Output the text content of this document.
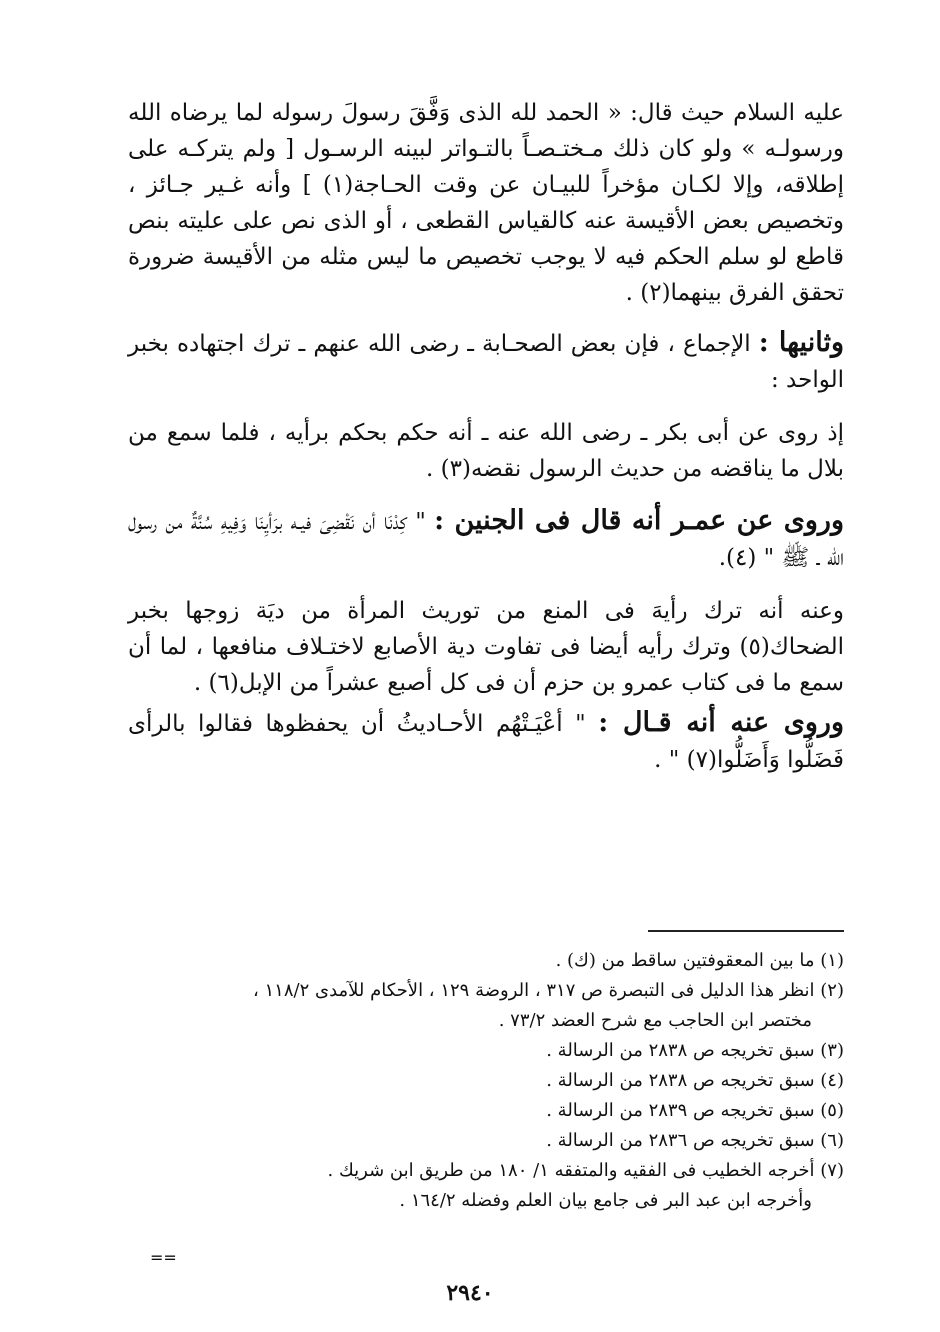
عليه السلام حيث قال: « الحمد لله الذى وَفَّقَ رسولَ رسوله لما يرضاه الله ورسولـه » ولو كان ذلك مـختـصـاً بالتـواتر لبينه الرسـول [ ولم يتركـه على إطلاقه، وإلا لكـان مؤخراً للبيـان عن وقت الحـاجة(١) ] وأنه غـير جـائز ، وتخصيص بعض الأقيسة عنه كالقياس القطعى ، أو الذى نص على عليته بنص قاطع لو سلم الحكم فيه لا يوجب تخصيص ما ليس مثله من الأقيسة ضرورة تحقق الفرق بينهما(٢) .

وثانيها : الإجماع ، فإن بعض الصحـابة ـ رضى الله عنهم ـ ترك اجتهاده بخبر الواحد :

إذ روى عن أبى بكر ـ رضى الله عنه ـ أنه حكم بحكم برأيه ، فلما سمع من بلال ما يناقضه من حديث الرسول نقضه(٣) .

وروى عن عمـر أنه قال فى الجنين : " كِدْنَا أن نَقْضِىَ فيـه برَأيِنَا وَفِيهِ سُنَّةٌ من رسول الله ـ ﷺ " (٤).

وعنه أنه ترك رأيهَ فى المنع من توريث المرأة من ديَة زوجها بخبر الضحاك(٥) وترك رأيه أيضا فى تفاوت دية الأصابع لاختـلاف منافعها ، لما أن سمع ما فى كتاب عمرو بن حزم أن فى كل أصبع عشراً من الإبل(٦) .

وروى عنه أنه قـال : " أعْيَـتْهُم الأحـاديثُ أن يحفظوها فقالوا بالرأى فَضَلُّوا وَأَضَلُّوا(٧) " .

(١) ما بين المعقوفتين ساقط من (ك) .

(٢) انظر هذا الدليل فى التبصرة ص ٣١٧ ، الروضة ١٢٩ ، الأحكام للآمدى ١١٨/٢ ،

مختصر ابن الحاجب مع شرح العضد ٧٣/٢ .

(٣) سبق تخريجه ص ٢٨٣٨ من الرسالة .

(٤) سبق تخريجه ص ٢٨٣٨ من الرسالة .

(٥) سبق تخريجه ص ٢٨٣٩ من الرسالة .

(٦) سبق تخريجه ص ٢٨٣٦ من الرسالة .

(٧) أخرجه الخطيب فى الفقيه والمتفقه ١/ ١٨٠ من طريق ابن شريك .

وأخرجه ابن عبد البر فى جامع بيان العلم وفضله ١٦٤/٢ .

==
٢٩٤٠
